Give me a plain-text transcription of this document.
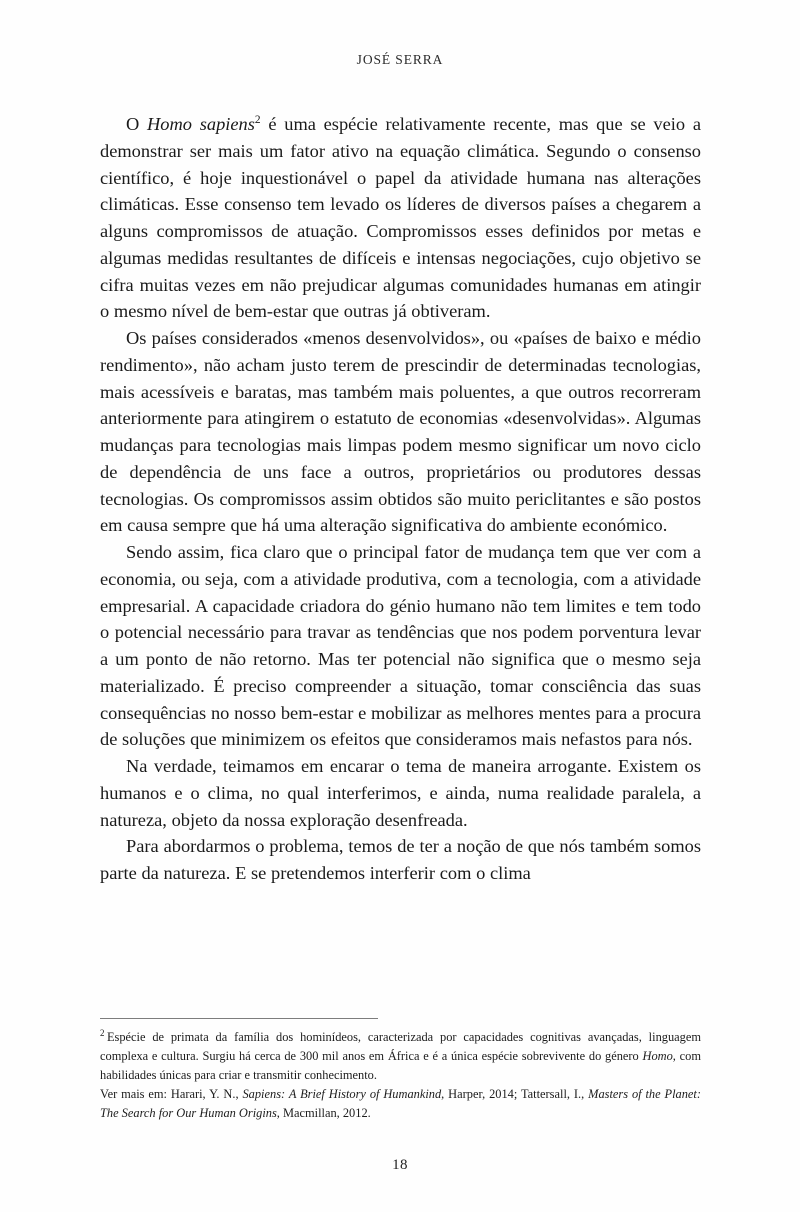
JOSÉ SERRA

O Homo sapiens$^2$ é uma espécie relativamente recente, mas que se veio a demonstrar ser mais um fator ativo na equação climática. Segundo o consenso científico, é hoje inquestionável o papel da atividade humana nas alterações climáticas. Esse consenso tem levado os líderes de diversos países a chegarem a alguns compromissos de atuação. Compromissos esses definidos por metas e algumas medidas resultantes de difíceis e intensas negociações, cujo objetivo se cifra muitas vezes em não prejudicar algumas comunidades humanas em atingir o mesmo nível de bem-estar que outras já obtiveram.

Os países considerados «menos desenvolvidos», ou «países de baixo e médio rendimento», não acham justo terem de prescindir de determinadas tecnologias, mais acessíveis e baratas, mas também mais poluentes, a que outros recorreram anteriormente para atingirem o estatuto de economias «desenvolvidas». Algumas mudanças para tecnologias mais limpas podem mesmo significar um novo ciclo de dependência de uns face a outros, proprietários ou produtores dessas tecnologias. Os compromissos assim obtidos são muito periclitantes e são postos em causa sempre que há uma alteração significativa do ambiente económico.

Sendo assim, fica claro que o principal fator de mudança tem que ver com a economia, ou seja, com a atividade produtiva, com a tecnologia, com a atividade empresarial. A capacidade criadora do génio humano não tem limites e tem todo o potencial necessário para travar as tendências que nos podem porventura levar a um ponto de não retorno. Mas ter potencial não significa que o mesmo seja materializado. É preciso compreender a situação, tomar consciência das suas consequências no nosso bem-estar e mobilizar as melhores mentes para a procura de soluções que minimizem os efeitos que consideramos mais nefastos para nós.

Na verdade, teimamos em encarar o tema de maneira arrogante. Existem os humanos e o clima, no qual interferimos, e ainda, numa realidade paralela, a natureza, objeto da nossa exploração desenfreada.

Para abordarmos o problema, temos de ter a noção de que nós também somos parte da natureza. E se pretendemos interferir com o clima

$^2$ Espécie de primata da família dos hominídeos, caracterizada por capacidades cognitivas avançadas, linguagem complexa e cultura. Surgiu há cerca de 300 mil anos em África e é a única espécie sobrevivente do género Homo, com habilidades únicas para criar e transmitir conhecimento.
Ver mais em: Harari, Y. N., Sapiens: A Brief History of Humankind, Harper, 2014; Tattersall, I., Masters of the Planet: The Search for Our Human Origins, Macmillan, 2012.

18
